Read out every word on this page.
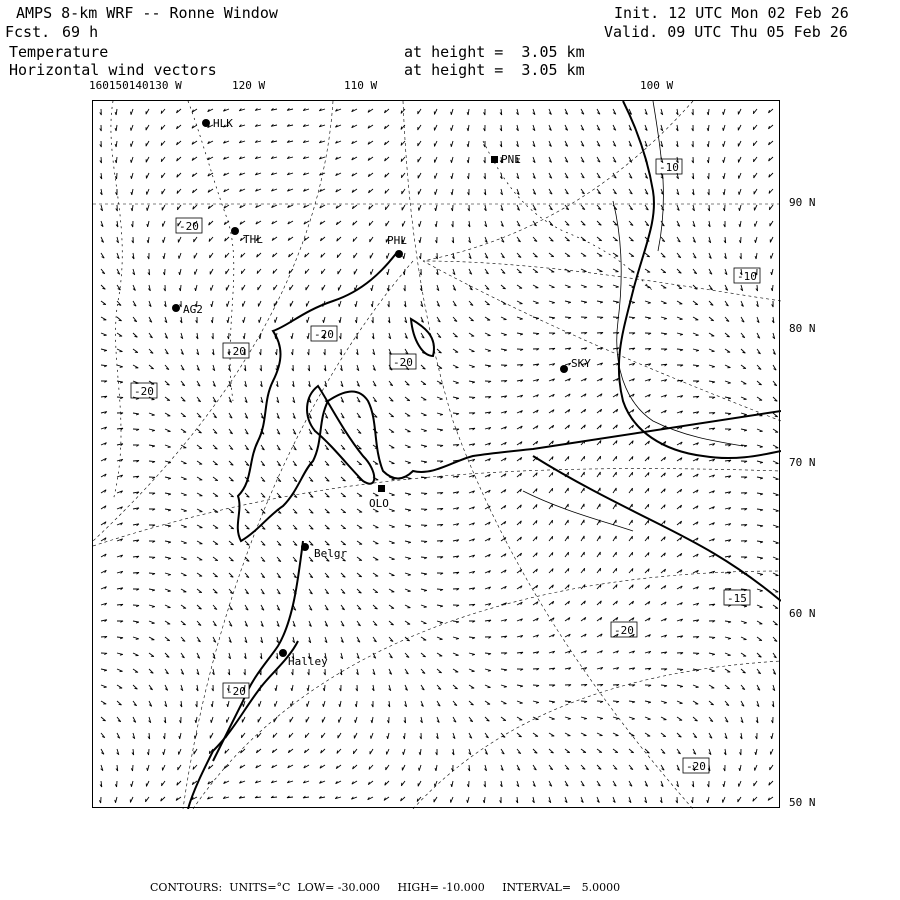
AMPS 8-km WRF -- Ronne Window
Fcst. 69 h
Init. 12 UTC Mon 02 Feb 26
Valid. 09 UTC Thu 05 Feb 26
Temperature	at height =  3.05 km
Horizontal wind vectors	at height =  3.05 km
160150140130 W	120 W	110 W	100 W
90 N
80 N
70 N
60 N
50 N
-20
-20
-20
-20
-20
-10
-10
-15
-20
-20
-20
HLK
PNE
THL	PHL
AG2
SKY
OLO
Belgr
Halley
CONTOURS:  UNITS=°C  LOW= -30.000     HIGH= -10.000     INTERVAL=   5.0000
